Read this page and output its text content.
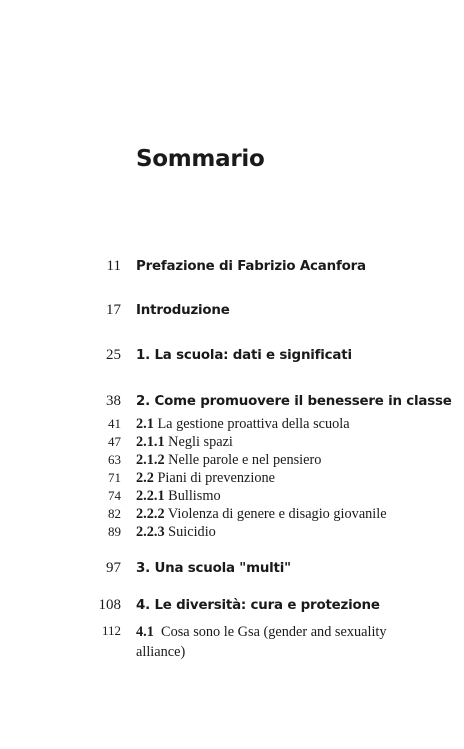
Sommario
11 Prefazione di Fabrizio Acanfora
17 Introduzione
25 1. La scuola: dati e significati
38 2. Come promuovere il benessere in classe
41 2.1 La gestione proattiva della scuola
47 2.1.1 Negli spazi
63 2.1.2 Nelle parole e nel pensiero
71 2.2 Piani di prevenzione
74 2.2.1 Bullismo
82 2.2.2 Violenza di genere e disagio giovanile
89 2.2.3 Suicidio
97 3. Una scuola "multi"
108 4. Le diversità: cura e protezione
112 4.1 Cosa sono le Gsa (gender and sexuality alliance)
